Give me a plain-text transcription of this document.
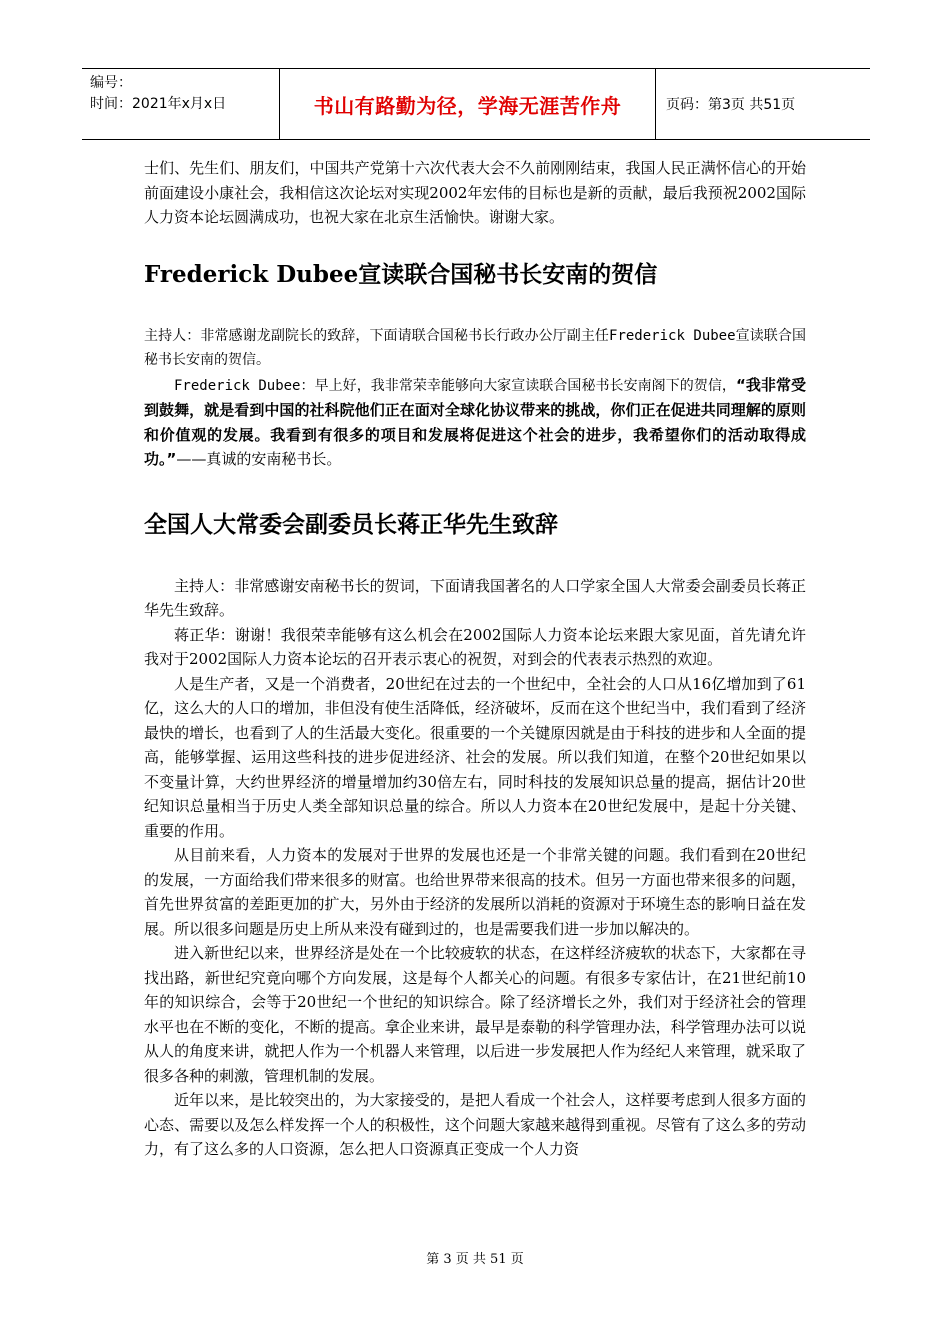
编号：
时间：2021年x月x日	书山有路勤为径，学海无涯苦作舟	页码：第3页 共51页

士们、先生们、朋友们，中国共产党第十六次代表大会不久前刚刚结束，我国人民正满怀信心的开始前面建设小康社会，我相信这次论坛对实现2002年宏伟的目标也是新的贡献，最后我预祝2002国际人力资本论坛圆满成功，也祝大家在北京生活愉快。谢谢大家。

Frederick Dubee宣读联合国秘书长安南的贺信

主持人：非常感谢龙副院长的致辞，下面请联合国秘书长行政办公厅副主任Frederick Dubee宣读联合国秘书长安南的贺信。

Frederick Dubee：早上好，我非常荣幸能够向大家宣读联合国秘书长安南阁下的贺信，“我非常受到鼓舞，就是看到中国的社科院他们正在面对全球化协议带来的挑战，你们正在促进共同理解的原则和价值观的发展。我看到有很多的项目和发展将促进这个社会的进步，我希望你们的活动取得成功。”——真诚的安南秘书长。

全国人大常委会副委员长蒋正华先生致辞

主持人：非常感谢安南秘书长的贺词，下面请我国著名的人口学家全国人大常委会副委员长蒋正华先生致辞。

蒋正华：谢谢！我很荣幸能够有这么机会在2002国际人力资本论坛来跟大家见面，首先请允许我对于2002国际人力资本论坛的召开表示衷心的祝贺，对到会的代表表示热烈的欢迎。

人是生产者，又是一个消费者，20世纪在过去的一个世纪中，全社会的人口从16亿增加到了61亿，这么大的人口的增加，非但没有使生活降低，经济破坏，反而在这个世纪当中，我们看到了经济最快的增长，也看到了人的生活最大变化。很重要的一个关键原因就是由于科技的进步和人全面的提高，能够掌握、运用这些科技的进步促进经济、社会的发展。所以我们知道，在整个20世纪如果以不变量计算，大约世界经济的增量增加约30倍左右，同时科技的发展知识总量的提高，据估计20世纪知识总量相当于历史人类全部知识总量的综合。所以人力资本在20世纪发展中，是起十分关键、重要的作用。

从目前来看，人力资本的发展对于世界的发展也还是一个非常关键的问题。我们看到在20世纪的发展，一方面给我们带来很多的财富。也给世界带来很高的技术。但另一方面也带来很多的问题，首先世界贫富的差距更加的扩大，另外由于经济的发展所以消耗的资源对于环境生态的影响日益在发展。所以很多问题是历史上所从来没有碰到过的，也是需要我们进一步加以解决的。

进入新世纪以来，世界经济是处在一个比较疲软的状态，在这样经济疲软的状态下，大家都在寻找出路，新世纪究竟向哪个方向发展，这是每个人都关心的问题。有很多专家估计，在21世纪前10年的知识综合，会等于20世纪一个世纪的知识综合。除了经济增长之外，我们对于经济社会的管理水平也在不断的变化，不断的提高。拿企业来讲，最早是泰勒的科学管理办法，科学管理办法可以说从人的角度来讲，就把人作为一个机器人来管理，以后进一步发展把人作为经纪人来管理，就采取了很多各种的刺激，管理机制的发展。

近年以来，是比较突出的，为大家接受的，是把人看成一个社会人，这样要考虑到人很多方面的心态、需要以及怎么样发挥一个人的积极性，这个问题大家越来越得到重视。尽管有了这么多的劳动力，有了这么多的人口资源，怎么把人口资源真正变成一个人力资

第 3 页 共 51 页
